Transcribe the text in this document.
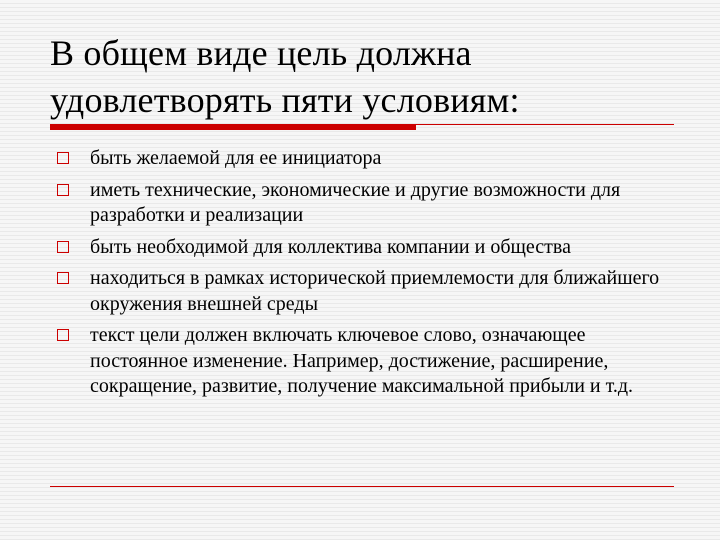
В общем виде цель должна
удовлетворять пяти условиям:
быть желаемой для ее инициатора
иметь технические, экономические и другие возможности для разработки и реализации
быть необходимой для коллектива компании и общества
находиться в рамках исторической приемлемости для ближайшего окружения внешней среды
текст цели должен включать ключевое слово, означающее постоянное изменение. Например, достижение, расширение, сокращение, развитие, получение максимальной прибыли и т.д.
